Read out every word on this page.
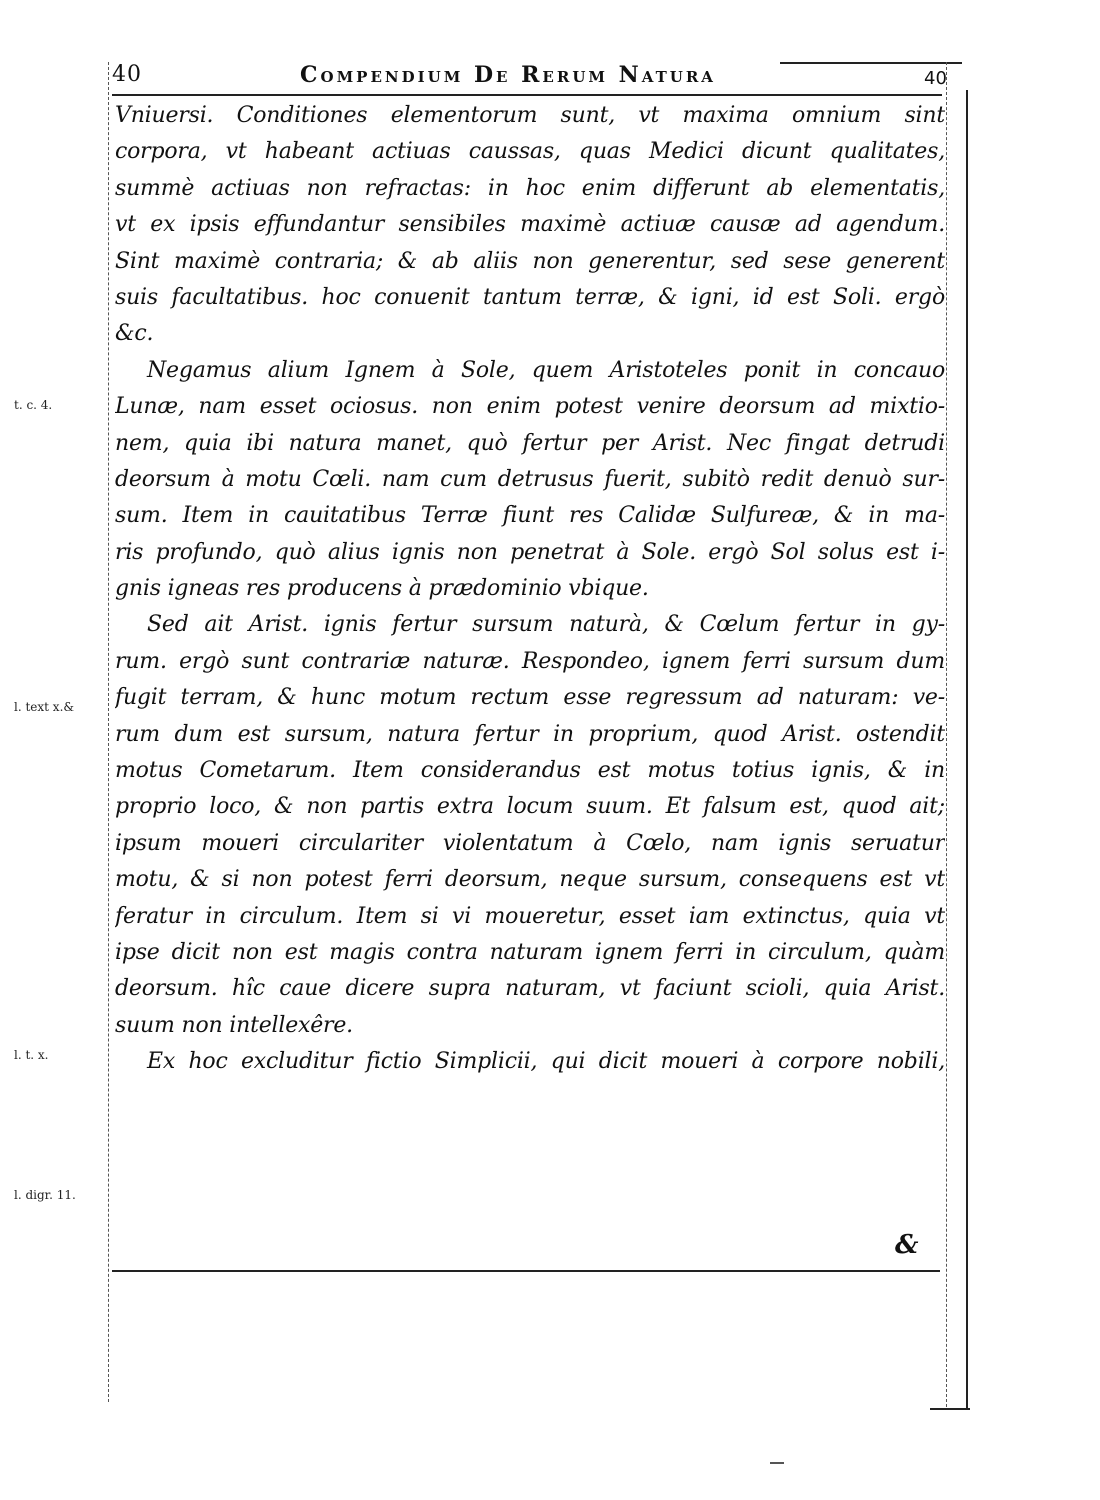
40	Compendium De Rerum Natura	40
Vniuersi. Conditiones elementorum sunt, vt maxima omnium sint
corpora, vt habeant actiuas caussas, quas Medici dicunt qualitates,
summè actiuas non refractas: in hoc enim differunt ab elementatis,
vt ex ipsis effundantur sensibiles maximè actiuæ causæ ad agendum.
Sint maximè contraria; & ab aliis non generentur, sed sese generent
suis facultatibus. hoc conuenit tantum terræ, & igni, id est Soli. ergò
&c.
Negamus alium Ignem à Sole, quem Aristoteles ponit in concauo
Lunæ, nam esset ociosus. non enim potest venire deorsum ad mixtio-
nem, quia ibi natura manet, quò fertur per Arist. Nec fingat detrudi
deorsum à motu Cœli. nam cum detrusus fuerit, subitò redit denuò sur-
sum. Item in cauitatibus Terræ fiunt res Calidæ Sulfureæ, & in ma-
ris profundo, quò alius ignis non penetrat à Sole. ergò Sol solus est i-
gnis igneas res producens à prædominio vbique.
Sed ait Arist. ignis fertur sursum naturà, & Cœlum fertur in gy-
rum. ergò sunt contrariæ naturæ. Respondeo, ignem ferri sursum dum
fugit terram, & hunc motum rectum esse regressum ad naturam: ve-
rum dum est sursum, natura fertur in proprium, quod Arist. ostendit
motus Cometarum. Item considerandus est motus totius ignis, & in
proprio loco, & non partis extra locum suum. Et falsum est, quod ait;
ipsum moueri circulariter violentatum à Cœlo, nam ignis seruatur
motu, & si non potest ferri deorsum, neque sursum, consequens est vt
feratur in circulum. Item si vi moueretur, esset iam extinctus, quia vt
ipse dicit non est magis contra naturam ignem ferri in circulum, quàm
deorsum. hîc caue dicere supra naturam, vt faciunt scioli, quia Arist.
suum non intellexêre.
Ex hoc excluditur fictio Simplicii, qui dicit moueri à corpore nobili,
t. c. 4.
l. text x.&
l. t. x.
l. digr. 11.
&
